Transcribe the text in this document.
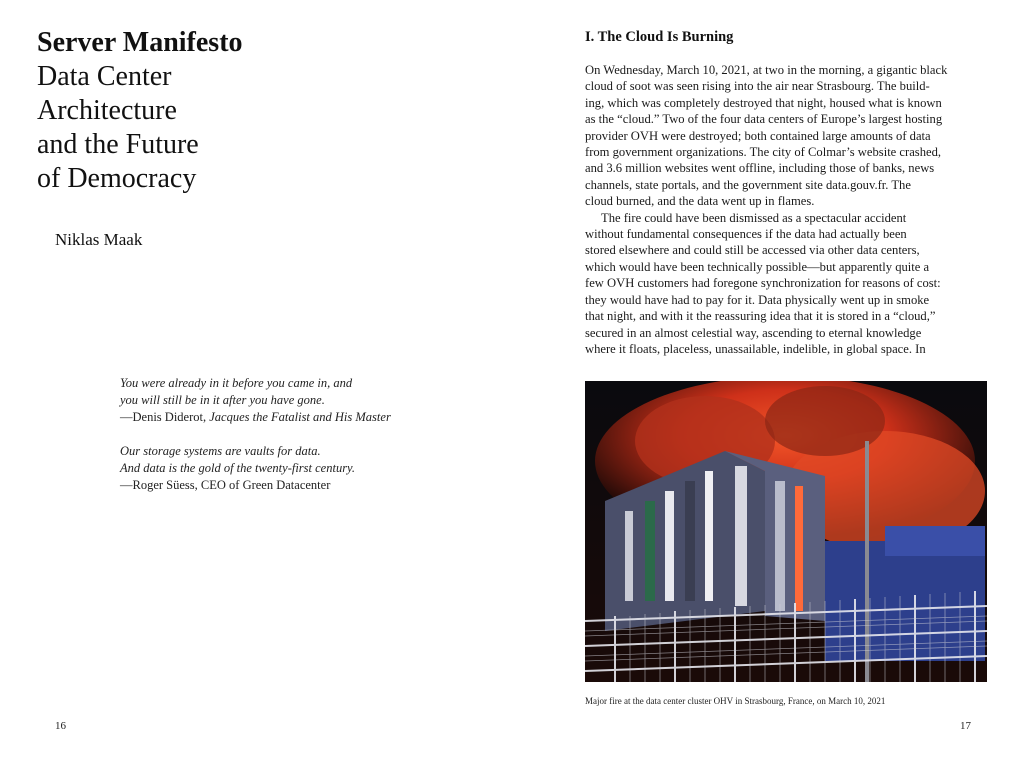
Server Manifesto
Data Center
Architecture
and the Future
of Democracy
Niklas Maak
You were already in it before you came in, and
you will still be in it after you have gone.
—Denis Diderot, Jacques the Fatalist and His Master
Our storage systems are vaults for data.
And data is the gold of the twenty-first century.
—Roger Süess, CEO of Green Datacenter
16
I. The Cloud Is Burning
On Wednesday, March 10, 2021, at two in the morning, a gigantic black
cloud of soot was seen rising into the air near Strasbourg. The build-
ing, which was completely destroyed that night, housed what is known
as the “cloud.” Two of the four data centers of Europe’s largest hosting
provider OVH were destroyed; both contained large amounts of data
from government organizations. The city of Colmar’s website crashed,
and 3.6 million websites went offline, including those of banks, news
channels, state portals, and the government site data.gouv.fr. The
cloud burned, and the data went up in flames.
The fire could have been dismissed as a spectacular accident
without fundamental consequences if the data had actually been
stored elsewhere and could still be accessed via other data centers,
which would have been technically possible—but apparently quite a
few OVH customers had foregone synchronization for reasons of cost:
they would have had to pay for it. Data physically went up in smoke
that night, and with it the reassuring idea that it is stored in a “cloud,”
secured in an almost celestial way, ascending to eternal knowledge
where it floats, placeless, unassailable, indelible, in global space. In
Major fire at the data center cluster OHV in Strasbourg, France, on March 10, 2021
17
